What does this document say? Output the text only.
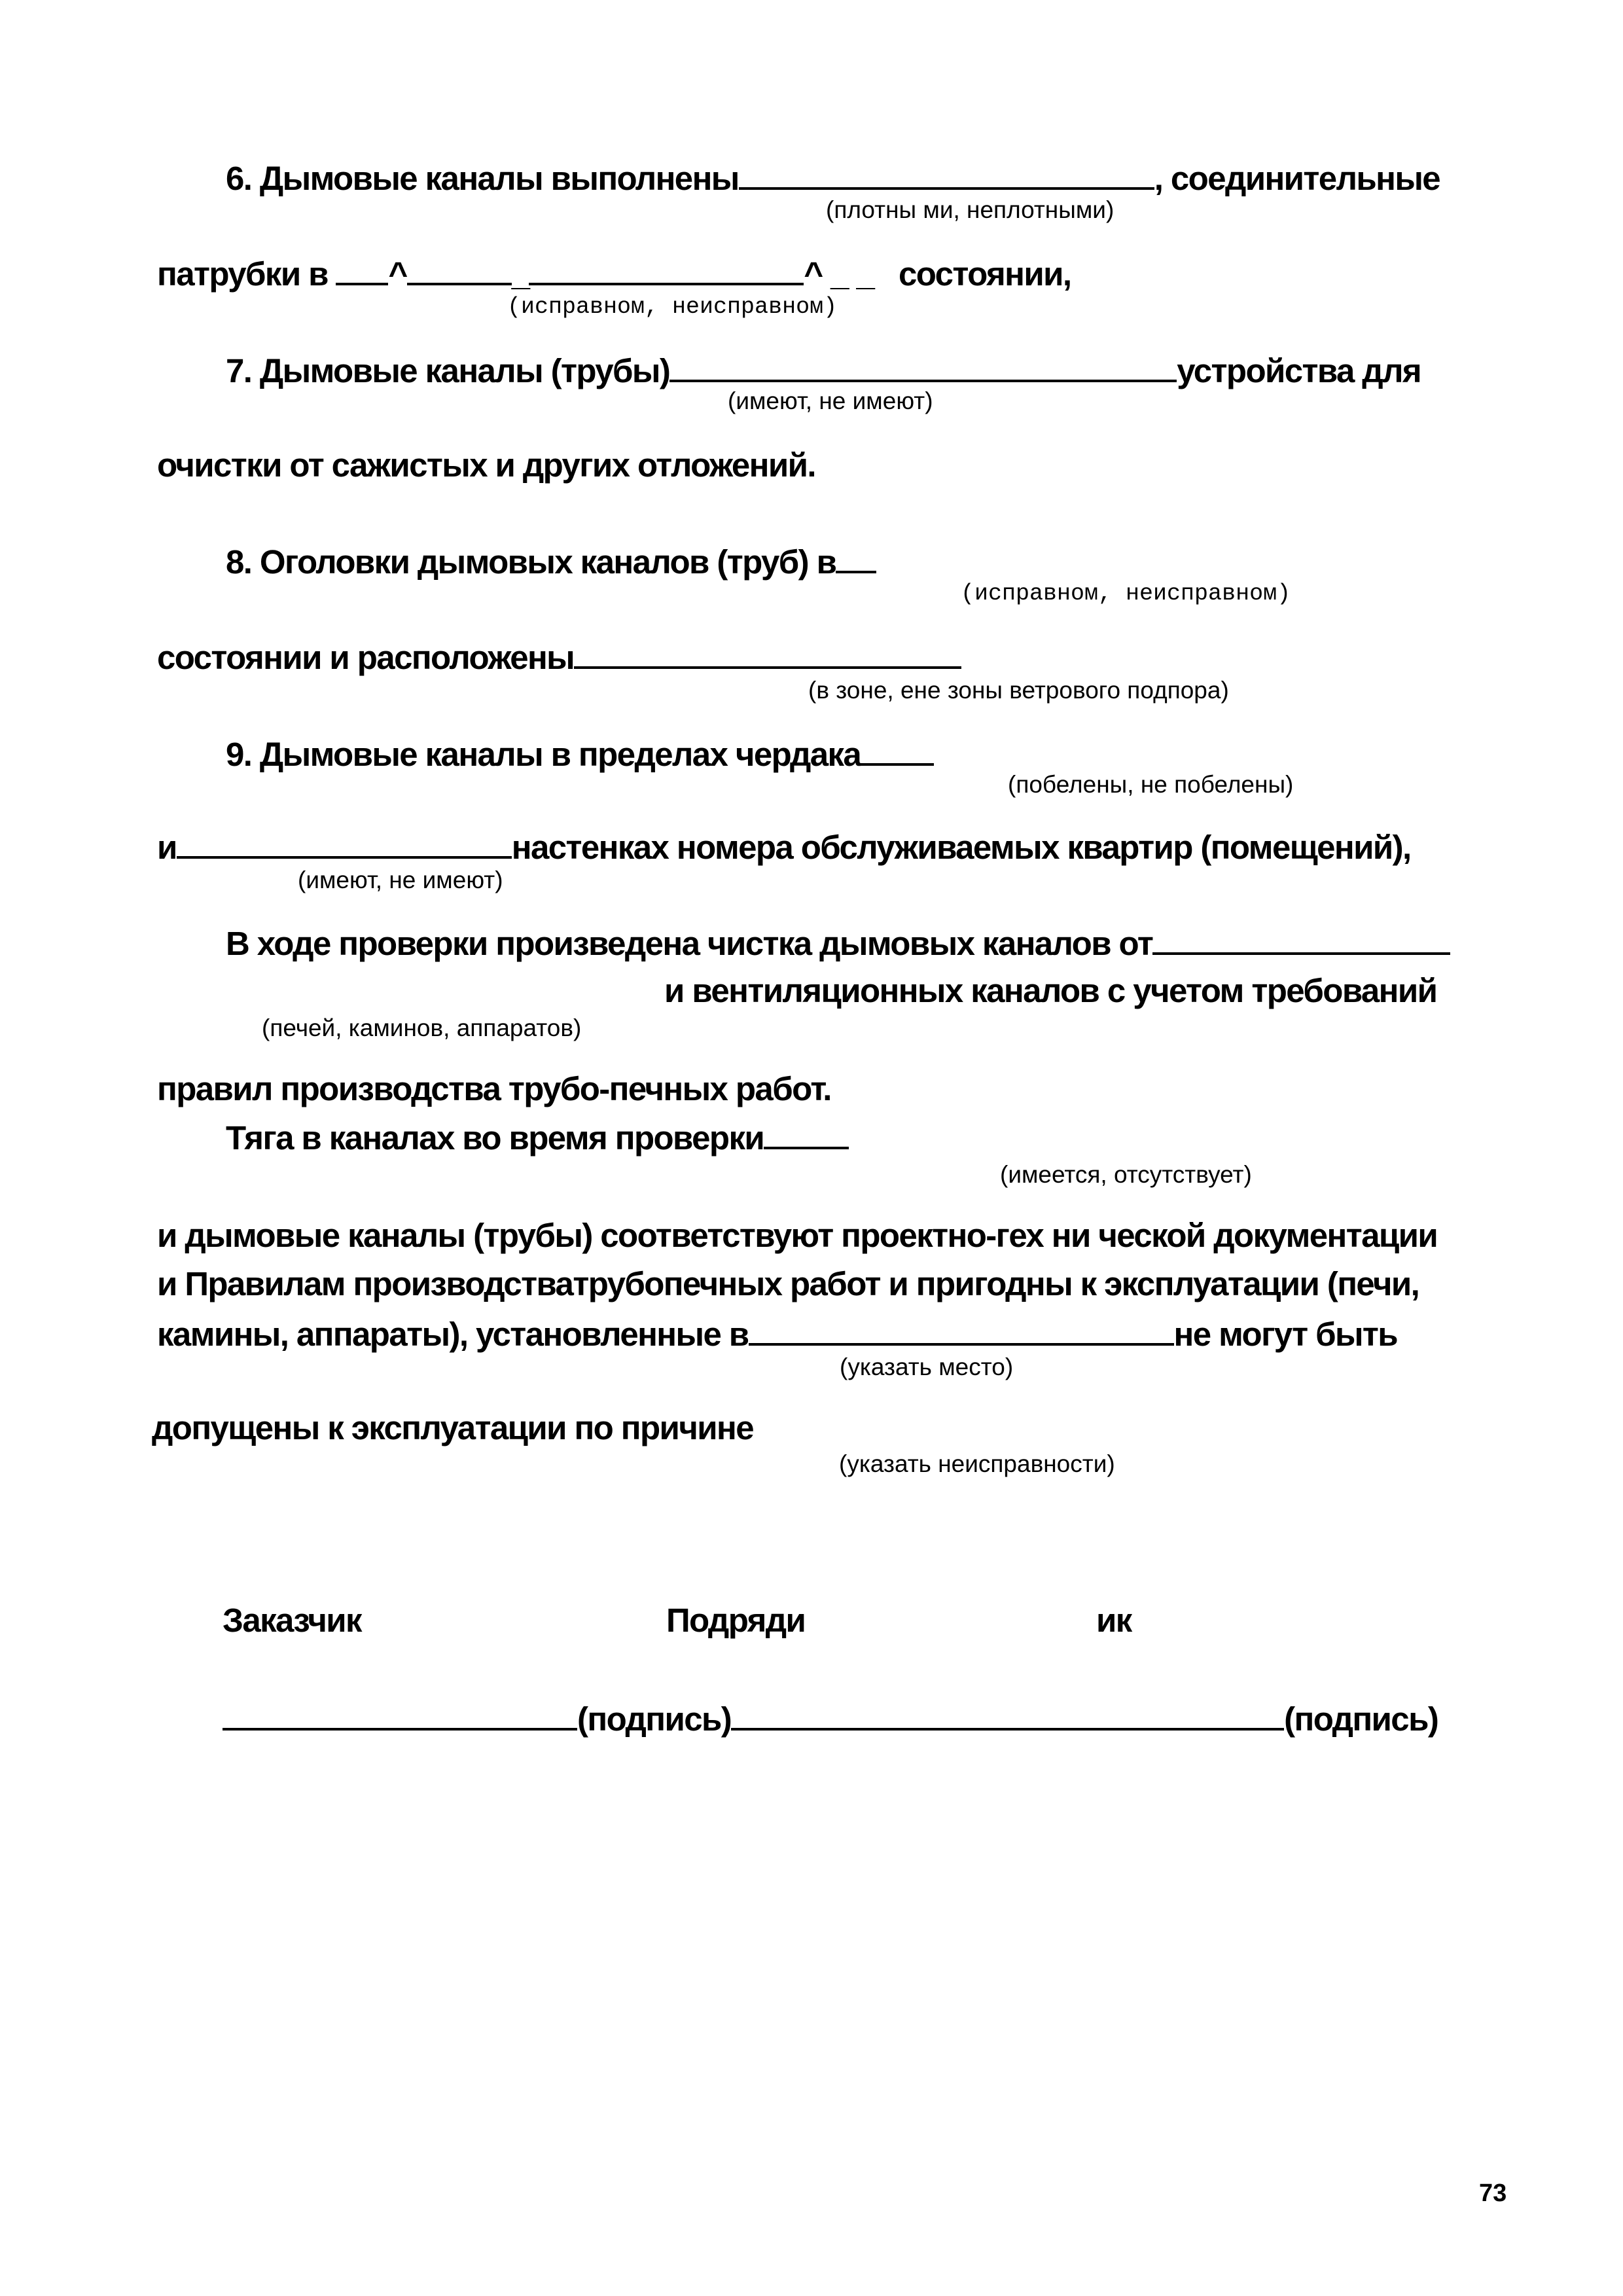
6. Дымовые каналы выполнены	, соединительные
(плотны ми, неплотными)
патрубки в ^	_	^ _ _ состоянии,
(исправном, неисправном)
7. Дымовые каналы (трубы)	устройства для
(имеют, не имеют)
очистки от сажистых и других отложений.
8. Оголовки дымовых каналов (труб) в
(исправном, неисправном)
состоянии и расположены
(в зоне, ене зоны ветрового подпора)
9. Дымовые каналы в пределах чердака
(побелены, не побелены)
и	настенках номера обслуживаемых квартир (помещений),
(имеют, не имеют)
В ходе проверки произведена чистка дымовых каналов от
и вентиляционных каналов с учетом требований
(печей, каминов, аппаратов)
правил производства трубо-печных работ.
Тяга в каналах во время проверки
(имеется, отсутствует)
и дымовые каналы (трубы) соответствуют проектно-гех ни ческой документации
и Правилам производстватрубопечных работ и пригодны к эксплуатации (печи,
камины, аппараты), установленные в	не могут быть
(указать место)
допущены к эксплуатации по причине
(указать неисправности)
Заказчик	Подряди	ик
(подпись)	(подпись)
73
